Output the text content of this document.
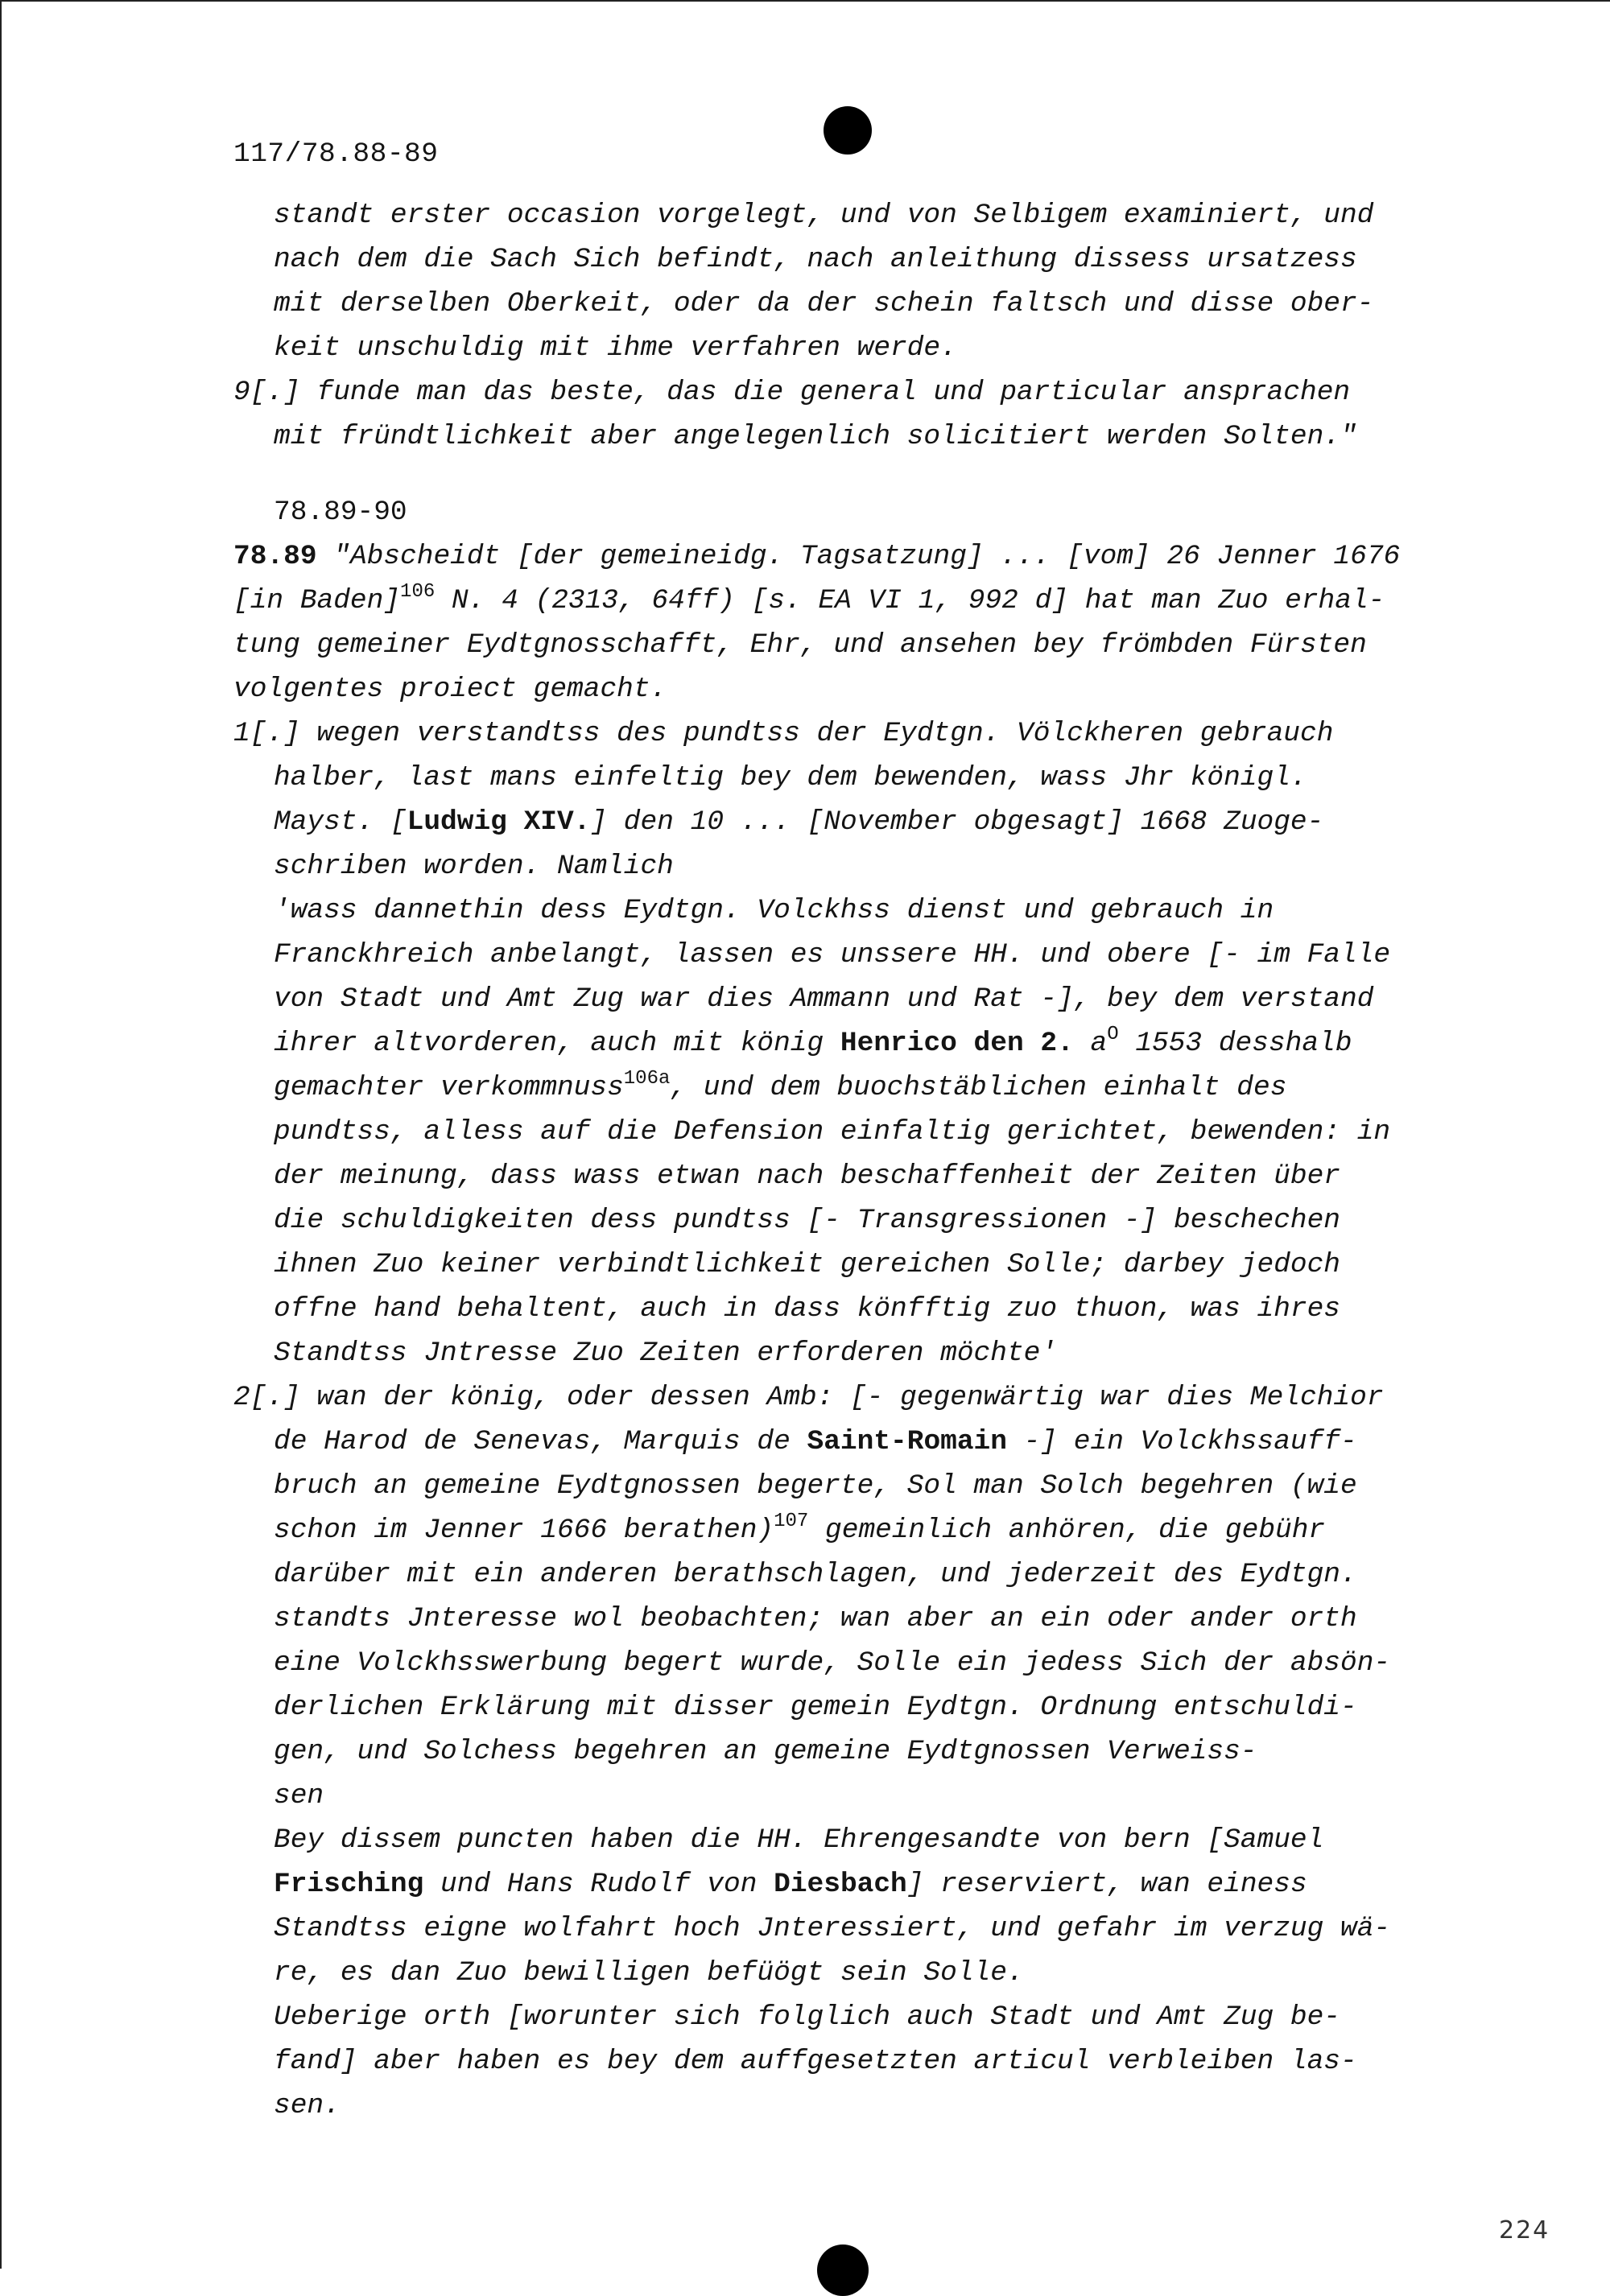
117/78.88-89
78.89-90
standt erster occasion vorgelegt, und von Selbigem examiniert, und
nach dem die Sach Sich befindt, nach anleithung dissess ursatzess
mit derselben Oberkeit, oder da der schein faltsch und disse ober-
keit unschuldig mit ihme verfahren werde.
9[.] funde man das beste, das die general und particular ansprachen
mit fründtlichkeit aber angelegenlich solicitiert werden Solten."
78.89 "Abscheidt [der gemeineidg. Tagsatzung] ... [vom] 26 Jenner 1676
[in Baden]$^{106}$ N. 4 (2313, 64ff) [s. EA VI 1, 992 d] hat man Zuo erhal-
tung gemeiner Eydtgnosschafft, Ehr, und ansehen bey frömbden Fürsten
volgentes proiect gemacht.
1[.] wegen verstandtss des pundtss der Eydtgn. Völckheren gebrauch
halber, last mans einfeltig bey dem bewenden, wass Jhr königl.
Mayst. [Ludwig XIV.] den 10 ... [November obgesagt] 1668 Zuoge-
schriben worden. Namlich
'wass dannethin dess Eydtgn. Volckhss dienst und gebrauch in
Franckhreich anbelangt, lassen es unssere HH. und obere [- im Falle
von Stadt und Amt Zug war dies Ammann und Rat -], bey dem verstand
ihrer altvorderen, auch mit könig Henrico den 2. $a^O$ 1553 desshalb
gemachter verkommnuss$^{106a}$, und dem buochstäblichen einhalt des
pundtss, alless auf die Defension einfaltig gerichtet, bewenden: in
der meinung, dass wass etwan nach beschaffenheit der Zeiten über
die schuldigkeiten dess pundtss [- Transgressionen -] beschechen
ihnen Zuo keiner verbindtlichkeit gereichen Solle; darbey jedoch
offne hand behaltent, auch in dass könfftig zuo thuon, was ihres
Standtss Jntresse Zuo Zeiten erforderen möchte'
2[.] wan der könig, oder dessen Amb: [- gegenwärtig war dies Melchior
de Harod de Senevas, Marquis de Saint-Romain -] ein Volckhssauff-
bruch an gemeine Eydtgnossen begerte, Sol man Solch begehren (wie
schon im Jenner 1666 berathen)$^{107}$ gemeinlich anhören, die gebühr
darüber mit ein anderen berathschlagen, und jederzeit des Eydtgn.
standts Jnteresse wol beobachten; wan aber an ein oder ander orth
eine Volckhsswerbung begert wurde, Solle ein jedess Sich der absön-
derlichen Erklärung mit disser gemein Eydtgn. Ordnung entschuldi-
gen, und Solchess begehren an gemeine Eydtgnossen Verweiss-
sen
Bey dissem puncten haben die HH. Ehrengesandte von bern [Samuel
Frisching und Hans Rudolf von Diesbach] reserviert, wan einess
Standtss eigne wolfahrt hoch Jnteressiert, und gefahr im verzug wä-
re, es dan Zuo bewilligen befüögt sein Solle.
Ueberige orth [worunter sich folglich auch Stadt und Amt Zug be-
fand] aber haben es bey dem auffgesetzten articul verbleiben las-
sen.
224
